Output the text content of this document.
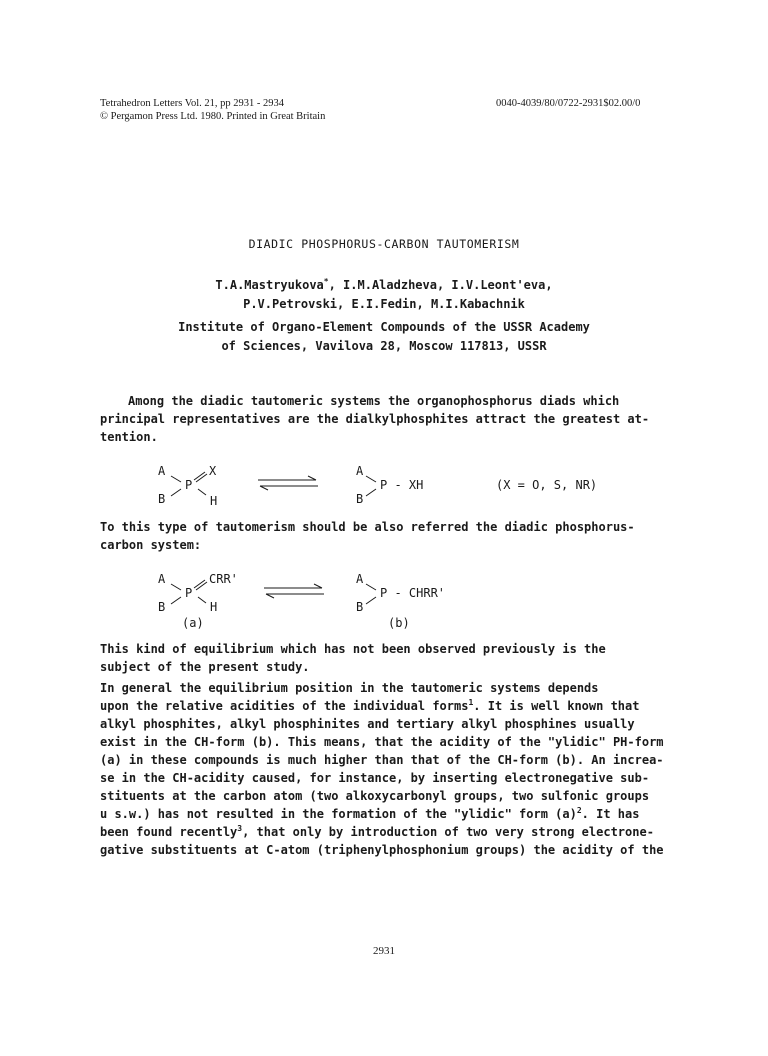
Tetrahedron Letters Vol. 21, pp 2931 - 2934
© Pergamon Press Ltd. 1980. Printed in Great Britain
0040-4039/80/0722-2931$02.00/0
DIADIC PHOSPHORUS-CARBON TAUTOMERISM
T.A.Mastryukova*, I.M.Aladzheva, I.V.Leont'eva,
P.V.Petrovski, E.I.Fedin, M.I.Kabachnik
Institute of Organo-Element Compounds of the USSR Academy
of Sciences, Vavilova 28, Moscow 117813, USSR
Among the diadic tautomeric systems the organophosphorus diads which
principal representatives are the dialkylphosphites attract the greatest at-
tention.
A
B
P
X
H
A
B
P - XH	(X = O, S, NR)
To this type of tautomerism should be also referred the diadic phosphorus-
carbon system:
A
B
P
CRR'
H
A
B
P - CHRR'
(a)	(b)
This kind of equilibrium which has not been observed previously is the
subject of the present study.
In general the equilibrium position in the tautomeric systems depends
upon the relative acidities of the individual forms$^1$. It is well known that
alkyl phosphites, alkyl phosphinites and tertiary alkyl phosphines usually
exist in the CH-form (b). This means, that the acidity of the "ylidic" PH-form
(a) in these compounds is much higher than that of the CH-form (b). An increa-
se in the CH-acidity caused, for instance, by inserting electronegative sub-
stituents at the carbon atom (two alkoxycarbonyl groups, two sulfonic groups
u s.w.) has not resulted in the formation of the "ylidic" form $(a)^2$. It has
been found recently$^3$, that only by introduction of two very strong electrone-
gative substituents at C-atom (triphenylphosphonium groups) the acidity of the
2931
